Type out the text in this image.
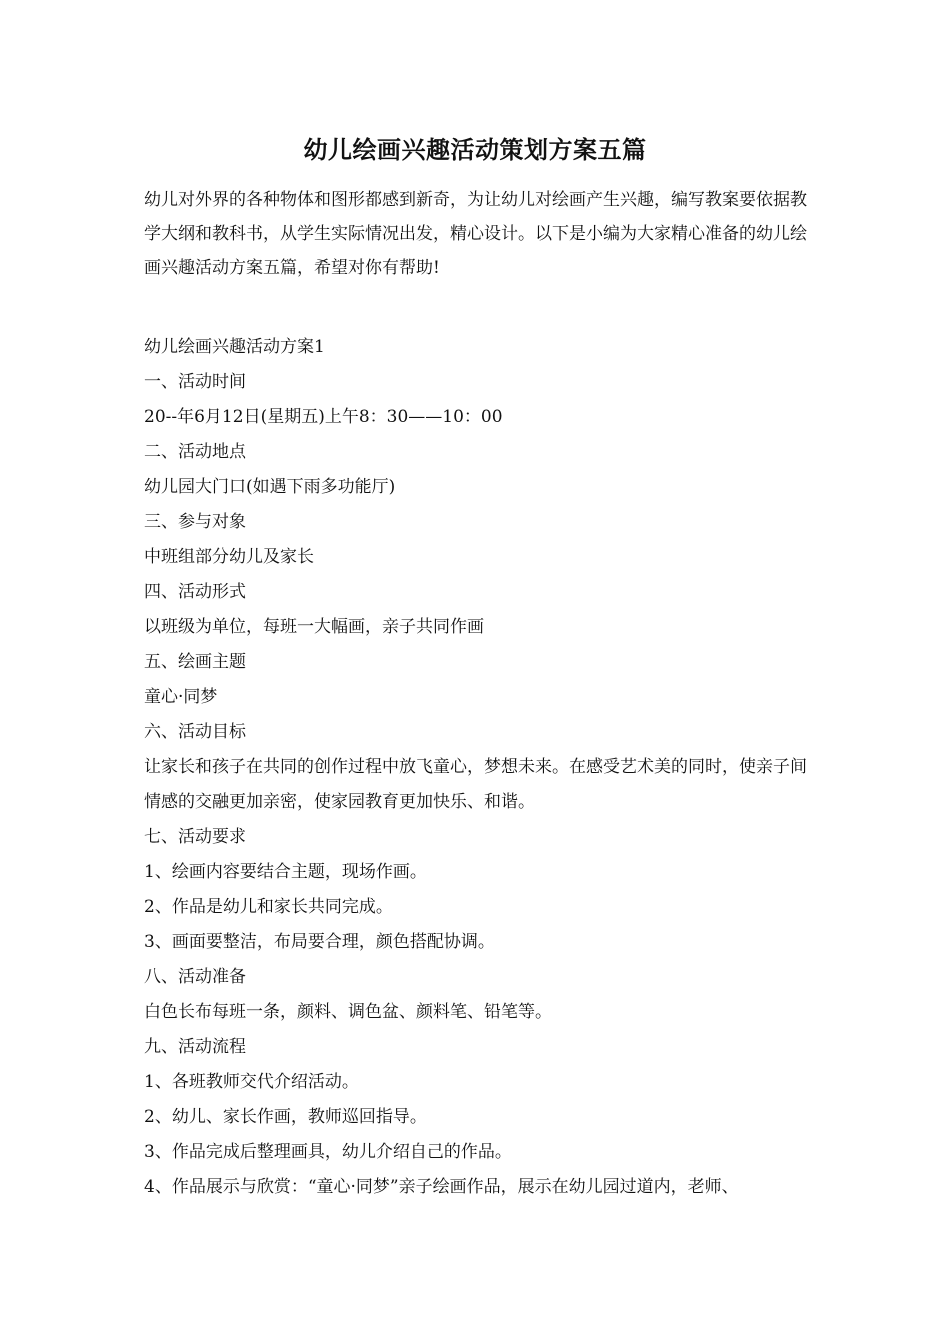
幼儿绘画兴趣活动策划方案五篇

幼儿对外界的各种物体和图形都感到新奇，为让幼儿对绘画产生兴趣，编写教案要依据教学大纲和教科书，从学生实际情况出发，精心设计。以下是小编为大家精心准备的幼儿绘画兴趣活动方案五篇，希望对你有帮助!

幼儿绘画兴趣活动方案1
一、活动时间
20--年6月12日(星期五)上午8：30——10：00
二、活动地点
幼儿园大门口(如遇下雨多功能厅)
三、参与对象
中班组部分幼儿及家长
四、活动形式
以班级为单位，每班一大幅画，亲子共同作画
五、绘画主题
童心·同梦
六、活动目标

让家长和孩子在共同的创作过程中放飞童心，梦想未来。在感受艺术美的同时，使亲子间情感的交融更加亲密，使家园教育更加快乐、和谐。

七、活动要求
1、绘画内容要结合主题，现场作画。
2、作品是幼儿和家长共同完成。
3、画面要整洁，布局要合理，颜色搭配协调。
八、活动准备
白色长布每班一条，颜料、调色盆、颜料笔、铅笔等。
九、活动流程
1、各班教师交代介绍活动。
2、幼儿、家长作画，教师巡回指导。
3、作品完成后整理画具，幼儿介绍自己的作品。
4、作品展示与欣赏：“童心·同梦”亲子绘画作品，展示在幼儿园过道内，老师、
